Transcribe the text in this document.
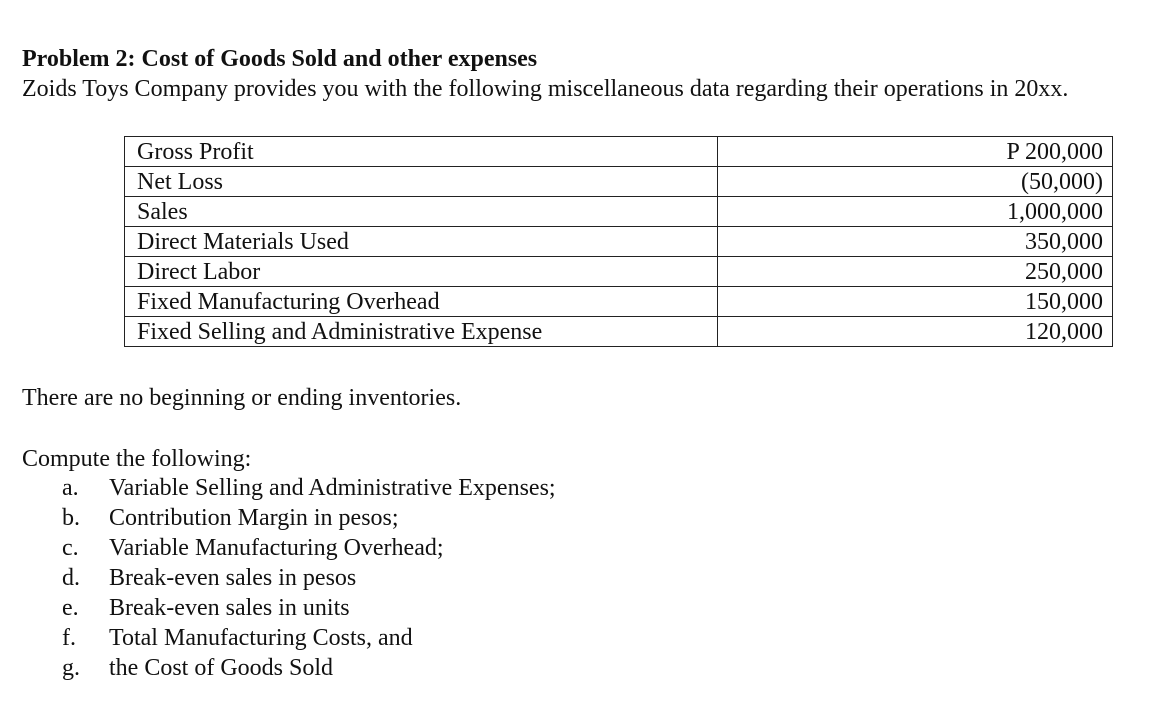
Problem 2: Cost of Goods Sold and other expenses
Zoids Toys Company provides you with the following miscellaneous data regarding their operations in 20xx.
Gross Profit	P 200,000
Net Loss	(50,000)
Sales	1,000,000
Direct Materials Used	350,000
Direct Labor	250,000
Fixed Manufacturing Overhead	150,000
Fixed Selling and Administrative Expense	120,000
There are no beginning or ending inventories.
Compute the following:
a.	Variable Selling and Administrative Expenses;
b.	Contribution Margin in pesos;
c.	Variable Manufacturing Overhead;
d.	Break-even sales in pesos
e.	Break-even sales in units
f.	Total Manufacturing Costs, and
g.	the Cost of Goods Sold
